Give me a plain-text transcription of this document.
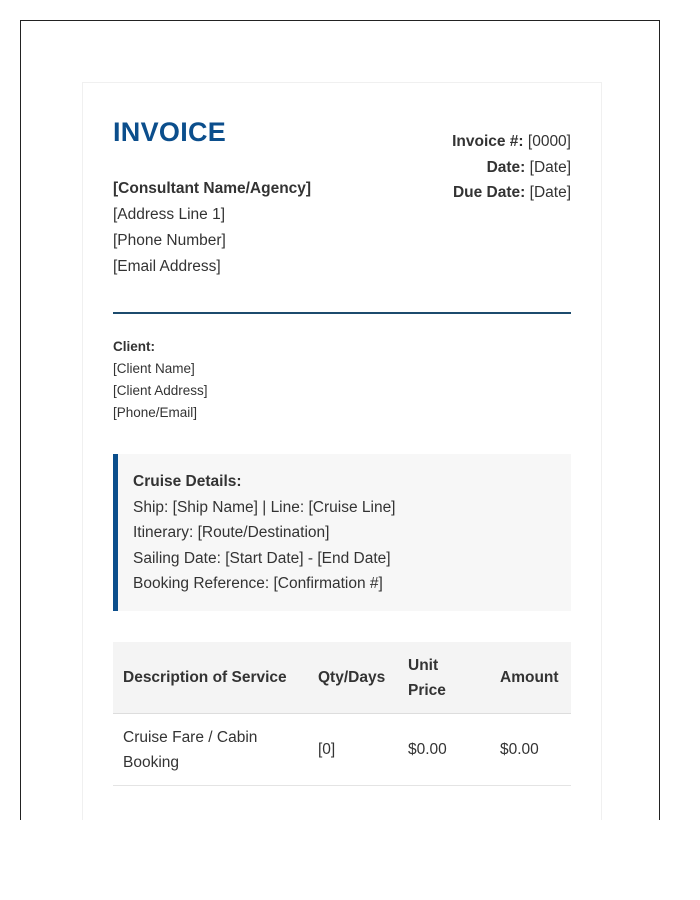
INVOICE
[Consultant Name/Agency]
[Address Line 1]
[Phone Number]
[Email Address]
Invoice #: [0000]
Date: [Date]
Due Date: [Date]
Client:
[Client Name]
[Client Address]
[Phone/Email]
Cruise Details:
Ship: [Ship Name] | Line: [Cruise Line]
Itinerary: [Route/Destination]
Sailing Date: [Start Date] - [End Date]
Booking Reference: [Confirmation #]
Description of Service	Qty/Days	Unit Price	Amount
Cruise Fare / Cabin Booking	[0]	$0.00	$0.00
